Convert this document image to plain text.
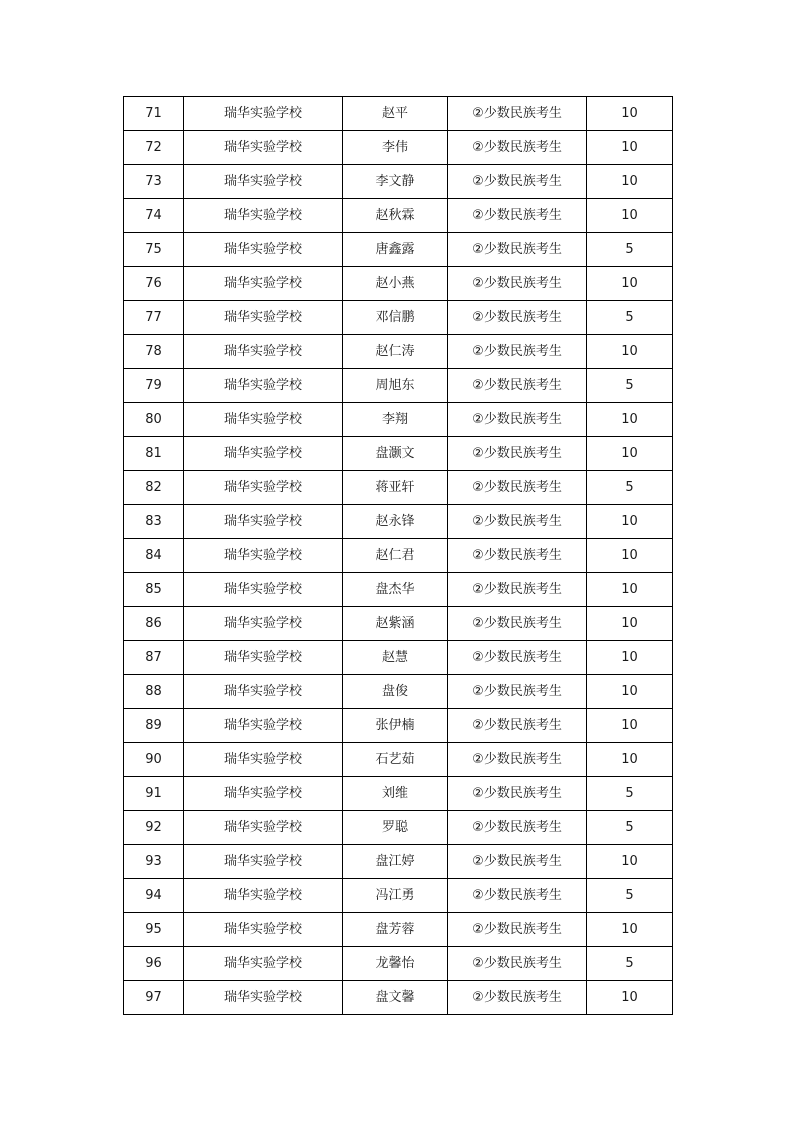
71	瑞华实验学校	赵平	②少数民族考生	10
72	瑞华实验学校	李伟	②少数民族考生	10
73	瑞华实验学校	李文静	②少数民族考生	10
74	瑞华实验学校	赵秋霖	②少数民族考生	10
75	瑞华实验学校	唐鑫露	②少数民族考生	5
76	瑞华实验学校	赵小燕	②少数民族考生	10
77	瑞华实验学校	邓信鹏	②少数民族考生	5
78	瑞华实验学校	赵仁涛	②少数民族考生	10
79	瑞华实验学校	周旭东	②少数民族考生	5
80	瑞华实验学校	李翔	②少数民族考生	10
81	瑞华实验学校	盘灏文	②少数民族考生	10
82	瑞华实验学校	蒋亚轩	②少数民族考生	5
83	瑞华实验学校	赵永锋	②少数民族考生	10
84	瑞华实验学校	赵仁君	②少数民族考生	10
85	瑞华实验学校	盘杰华	②少数民族考生	10
86	瑞华实验学校	赵紫涵	②少数民族考生	10
87	瑞华实验学校	赵慧	②少数民族考生	10
88	瑞华实验学校	盘俊	②少数民族考生	10
89	瑞华实验学校	张伊楠	②少数民族考生	10
90	瑞华实验学校	石艺茹	②少数民族考生	10
91	瑞华实验学校	刘维	②少数民族考生	5
92	瑞华实验学校	罗聪	②少数民族考生	5
93	瑞华实验学校	盘江婷	②少数民族考生	10
94	瑞华实验学校	冯江勇	②少数民族考生	5
95	瑞华实验学校	盘芳蓉	②少数民族考生	10
96	瑞华实验学校	龙馨怡	②少数民族考生	5
97	瑞华实验学校	盘文馨	②少数民族考生	10
